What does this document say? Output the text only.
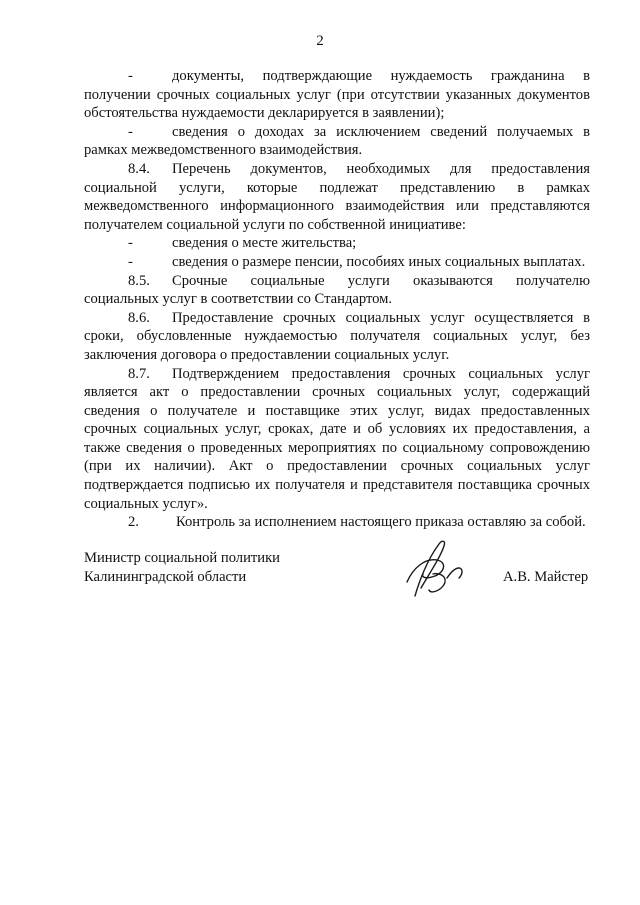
2

-	документы, подтверждающие нуждаемость гражданина в получении срочных социальных услуг (при отсутствии указанных документов обстоятельства нуждаемости декларируется в заявлении);

-	сведения о доходах за исключением сведений получаемых в рамках межведомственного взаимодействия.

8.4. Перечень документов, необходимых для предоставления социальной услуги, которые подлежат представлению в рамках межведомственного информационного взаимодействия или представляются получателем социальной услуги по собственной инициативе:

-	сведения о месте жительства;

-	сведения о размере пенсии, пособиях иных социальных выплатах.

8.5. Срочные социальные услуги оказываются получателю социальных услуг в соответствии со Стандартом.

8.6. Предоставление срочных социальных услуг осуществляется в сроки, обусловленные нуждаемостью получателя социальных услуг, без заключения договора о предоставлении социальных услуг.

8.7. Подтверждением предоставления срочных социальных услуг является акт о предоставлении срочных социальных услуг, содержащий сведения о получателе и поставщике этих услуг, видах предоставленных срочных социальных услуг, сроках, дате и об условиях их предоставления, а также сведения о проведенных мероприятиях по социальному сопровождению (при их наличии). Акт о предоставлении срочных социальных услуг подтверждается подписью их получателя и представителя поставщика срочных социальных услуг».

2.	Контроль за исполнением настоящего приказа оставляю за собой.

Министр социальной политики
Калининградской области	А.В. Майстер
